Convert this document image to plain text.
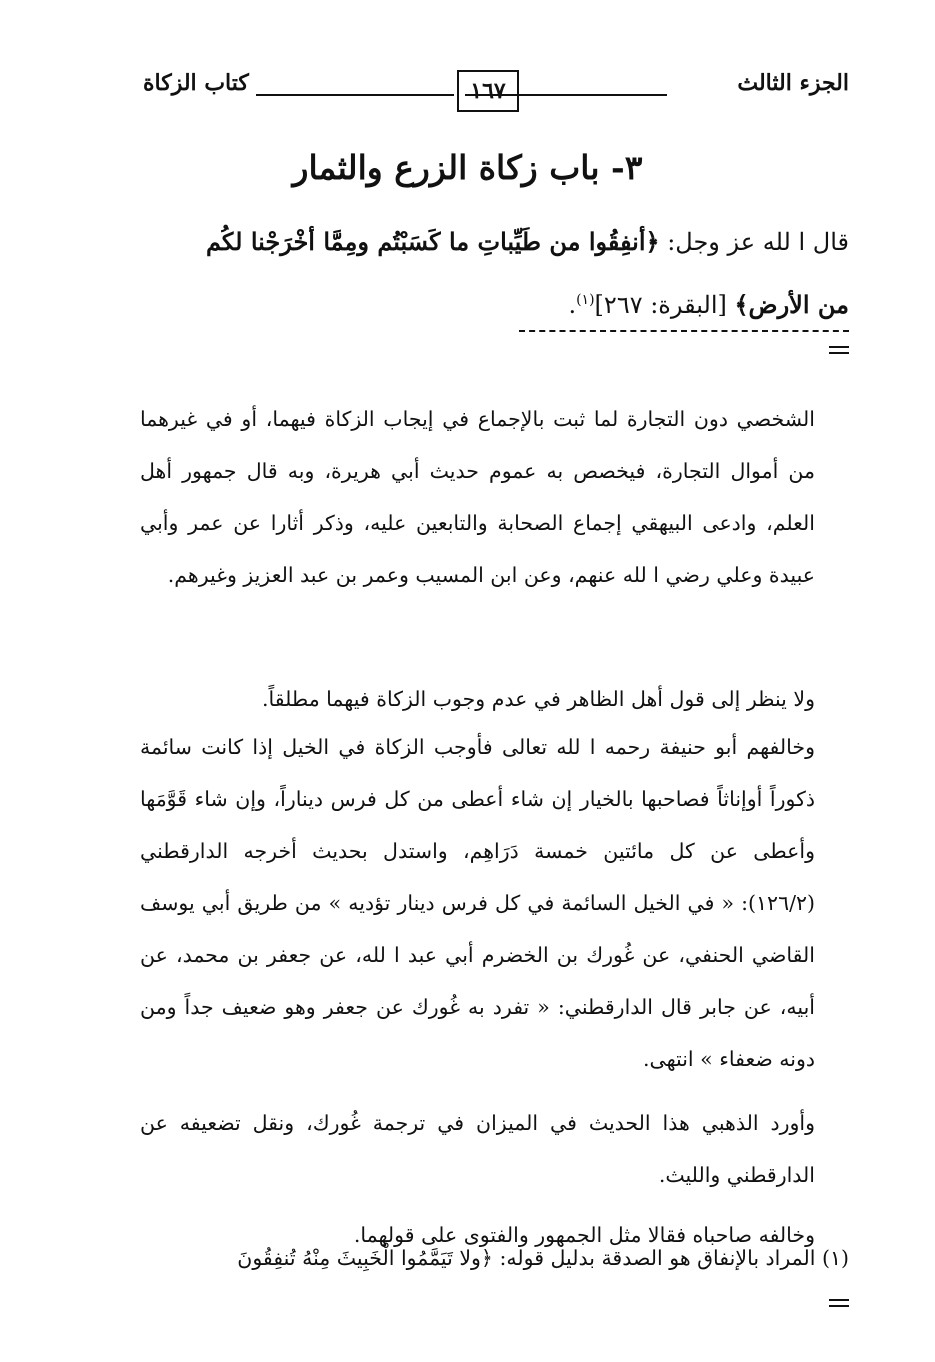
الجزء الثالث
١٦٧
كتاب الزكاة
٣- باب زكاة الزرع والثمار
قال ا لله عز وجل: ﴿أنفِقُوا من طَيِّباتِ ما كَسَبْتُم ومِمَّا أخْرَجْنا لكُم
من الأرض﴾ [البقرة: ٢٦٧]$^{(١)}$.

الشخصي دون التجارة لما ثبت بالإجماع في إيجاب الزكاة فيهما، أو في غيرهما من أموال التجارة، فيخصص به عموم حديث أبي هريرة، وبه قال جمهور أهل العلم، وادعى البيهقي إجماع الصحابة والتابعين عليه، وذكر أثارا عن عمر وأبي عبيدة وعلي رضي ا لله عنهم، وعن ابن المسيب وعمر بن عبد العزيز وغيرهم.

ولا ينظر إلى قول أهل الظاهر في عدم وجوب الزكاة فيهما مطلقاً.

وخالفهم أبو حنيفة رحمه ا لله تعالى فأوجب الزكاة في الخيل إذا كانت سائمة ذكوراً أوإناثاً فصاحبها بالخيار إن شاء أعطى من كل فرس ديناراً، وإن شاء قَوَّمَها وأعطى عن كل مائتين خمسة دَرَاهِم، واستدل بحديث أخرجه الدارقطني (١٢٦/٢): « في الخيل السائمة في كل فرس دينار تؤديه » من طريق أبي يوسف القاضي الحنفي، عن غُورك بن الخضرم أبي عبد ا لله، عن جعفر بن محمد، عن أبيه، عن جابر قال الدارقطني: « تفرد به غُورك عن جعفر وهو ضعيف جداً ومن دونه ضعفاء » انتهى.

وأورد الذهبي هذا الحديث في الميزان في ترجمة غُورك، ونقل تضعيفه عن الدارقطني والليث.

وخالفه صاحباه فقالا مثل الجمهور والفتوى على قولهما.

(١) المراد بالإنفاق هو الصدقة بدليل قوله: ﴿ولا تَيَمَّمُوا الْخَبِيثَ مِنْهُ تُنفِقُونَ
